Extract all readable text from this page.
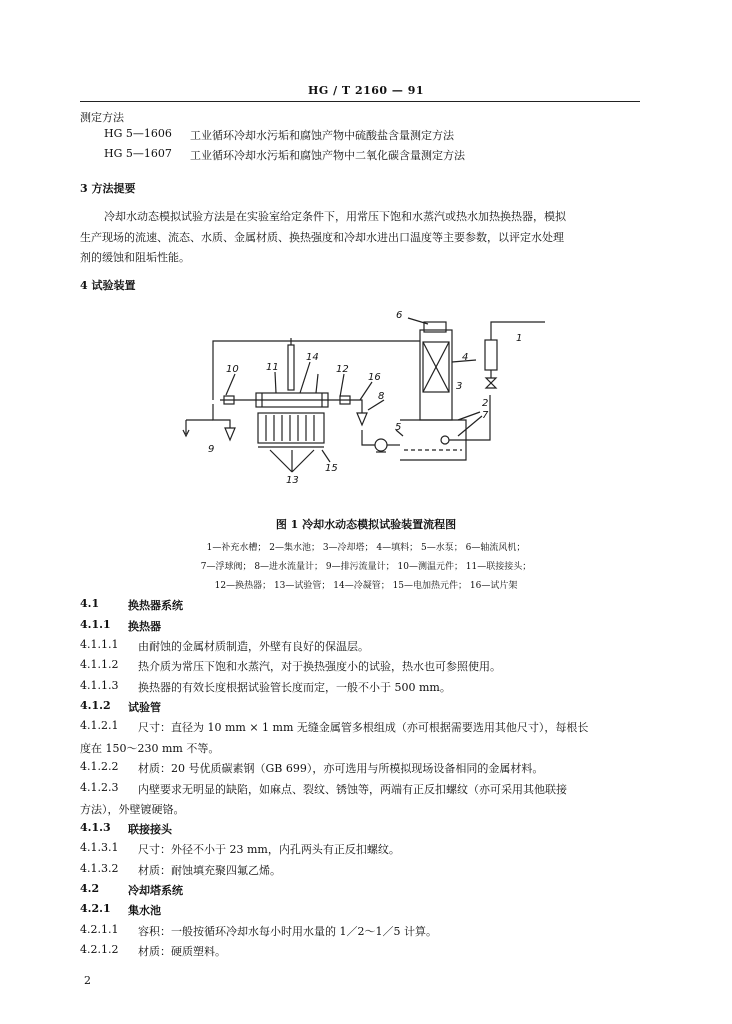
HG / T 2160 — 91
测定方法
HG 5—1606 工业循环冷却水污垢和腐蚀产物中硫酸盐含量测定方法
HG 5—1607 工业循环冷却水污垢和腐蚀产物中二氧化碳含量测定方法
3 方法提要
冷却水动态模拟试验方法是在实验室给定条件下，用常压下饱和水蒸汽或热水加热换热器，模拟
生产现场的流速、流态、水质、金属材质、换热强度和冷却水进出口温度等主要参数，以评定水处理
剂的缓蚀和阻垢性能。
4 试验装置
1
2
3
4
5
6
7
8
9
10	11	12
13
14
15
16
图 1 冷却水动态模拟试验装置流程图
1—补充水槽； 2—集水池； 3—冷却塔； 4—填料； 5—水泵； 6—轴流风机；
7—浮球阀； 8—进水流量计； 9—排污流量计； 10—测温元件； 11—联接接头；
12—换热器； 13—试验管； 14—冷凝管； 15—电加热元件； 16—试片架
4.1	换热器系统
4.1.1 换热器
4.1.1.1 由耐蚀的金属材质制造，外壁有良好的保温层。
4.1.1.2 热介质为常压下饱和水蒸汽，对于换热强度小的试验，热水也可参照使用。
4.1.1.3 换热器的有效长度根据试验管长度而定，一般不小于 500 mm。
4.1.2 试验管
4.1.2.1 尺寸：直径为 10 mm × 1 mm 无缝金属管多根组成（亦可根据需要选用其他尺寸），每根长
度在 150～230 mm 不等。
4.1.2.2 材质：20 号优质碳素钢（GB 699），亦可选用与所模拟现场设备相同的金属材料。
4.1.2.3 内壁要求无明显的缺陷，如麻点、裂纹、锈蚀等，两端有正反扣螺纹（亦可采用其他联接
方法），外壁镀硬铬。
4.1.3 联接接头
4.1.3.1 尺寸：外径不小于 23 mm，内孔两头有正反扣螺纹。
4.1.3.2 材质：耐蚀填充聚四氟乙烯。
4.2	冷却塔系统
4.2.1 集水池
4.2.1.1 容积：一般按循环冷却水每小时用水量的 1／2～1／5 计算。
4.2.1.2 材质：硬质塑料。
2
